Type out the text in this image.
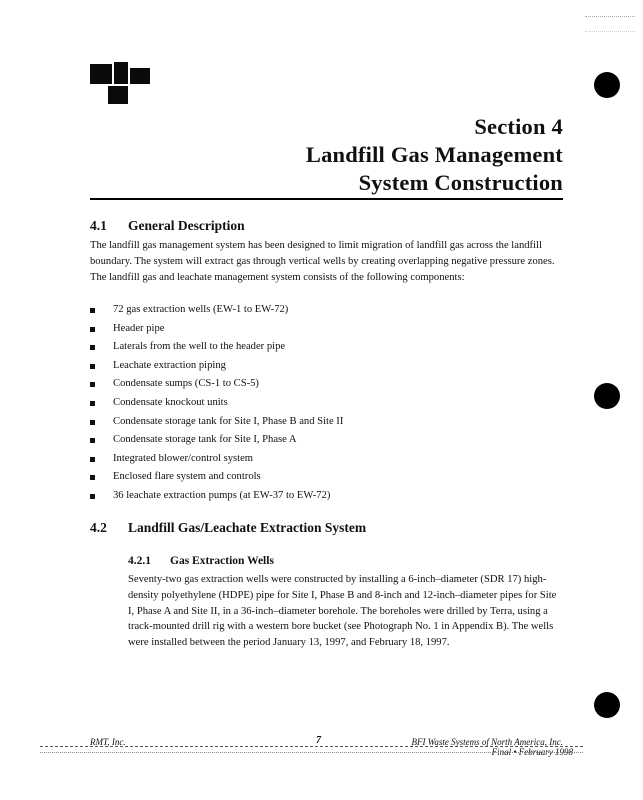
Section 4
Landfill Gas Management
System Construction
4.1 General Description

The landfill gas management system has been designed to limit migration of landfill gas across the landfill boundary. The system will extract gas through vertical wells by creating overlapping negative pressure zones. The landfill gas and leachate management system consists of the following components:

72 gas extraction wells (EW-1 to EW-72)
Header pipe
Laterals from the well to the header pipe
Leachate extraction piping
Condensate sumps (CS-1 to CS-5)
Condensate knockout units
Condensate storage tank for Site I, Phase B and Site II
Condensate storage tank for Site I, Phase A
Integrated blower/control system
Enclosed flare system and controls
36 leachate extraction pumps (at EW-37 to EW-72)
4.2 Landfill Gas/Leachate Extraction System
4.2.1 Gas Extraction Wells

Seventy-two gas extraction wells were constructed by installing a 6-inch–diameter (SDR 17) high-density polyethylene (HDPE) pipe for Site I, Phase B and 8-inch and 12-inch–diameter pipes for Site I, Phase A and Site II, in a 36-inch–diameter borehole. The boreholes were drilled by Terra, using a track-mounted drill rig with a western bore bucket (see Photograph No. 1 in Appendix B). The wells were installed between the period January 13, 1997, and February 18, 1997.

RMT, Inc.	7	BFI Waste Systems of North America, Inc.
Final • February 1998
